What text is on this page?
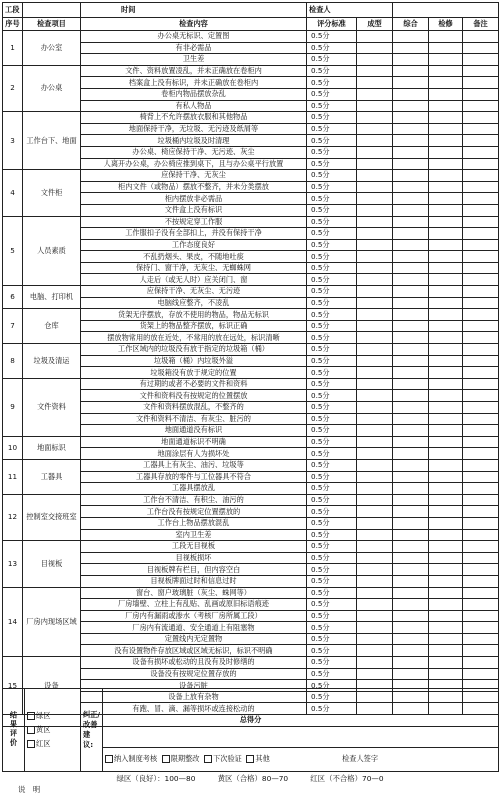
工段		时间	检查人				
序号	检查项目	检查内容	评分标准	成型	综合	检修	备注
1	办公室	办公桌无标识、定置图	0.5分				
		有非必需品	0.5分				
		卫生差	0.5分				
2	办公桌	文件、资料放置凌乱，并未正确放在卷柜内	0.5分				
		档案盒上没有标识，并未正确放在卷柜内	0.5分				
		卷柜内物品摆放杂乱	0.5分				
		有私人物品	0.5分				
3	工作台下、地面	椅背上不允许摆放衣服和其他物品	0.5分				
		地面保持干净，无垃圾、无污迹及纸屑等	0.5分				
		垃圾桶内垃圾及时清理	0.5分				
		办公桌、椅应保持干净、无污迹、灰尘	0.5分				
		人离开办公桌，办公椅应推到桌下，且与办公桌平行放置	0.5分				
4	文件柜	应保持干净、无灰尘	0.5分				
		柜内文件（或物品）摆放不整齐，并未分类摆放	0.5分				
		柜内摆放非必需品	0.5分				
		文件盒上没有标识	0.5分				
5	人员素质	不按规定穿工作服	0.5分				
		工作服扣子没有全部扣上，并没有保持干净	0.5分				
		工作态度良好	0.5分				
		不乱扔烟头、果皮，不随地吐痰	0.5分				
		保持门、窗干净，无灰尘、无蜘蛛网	0.5分				
		人走后（或无人时）应关闭门、窗	0.5分				
6	电脑、打印机	应保持干净、无灰尘、无污迹	0.5分				
		电脑线应整齐，不凌乱	0.5分				
7	仓库	货架无序摆放，存放不使用的物品，物品无标识	0.5分				
		货架上的物品整齐摆放，标识正确	0.5分				
		摆放物常用的放在近处，不常用的放在远处，标识清晰	0.5分				
8	垃圾及清运	工作区域内的垃圾没有放于指定的垃圾箱（桶）	0.5分				
		垃圾箱（桶）内垃圾外溢	0.5分				
		垃圾箱没有放于规定的位置	0.5分				
9	文件资料	有过期的或者不必要的文件和资料	0.5分				
		文件和资料没有按规定的位置摆放	0.5分				
		文件和资料摆放混乱，不整齐的	0.5分				
		文件和资料不清洁、有灰尘、脏污的	0.5分				
		地面通道没有标识	0.5分				
10	地面标识	地面通道标识不明确	0.5分				
		地面涂层有人为损坏处	0.5分				
11	工器具	工器具上有灰尘、油污、垃圾等	0.5分				
		工器具存放的零件与工位器具不符合	0.5分				
		工器具摆放乱	0.5分				
12	控制室交接班室	工作台不清洁、有积尘、油污的	0.5分				
		工作台没有按规定位置摆放的	0.5分				
		工作台上物品摆放混乱	0.5分				
		室内卫生差	0.5分				
13	目视板	工段无目视板	0.5分				
		目视板损坏	0.5分				
		目视板牌有栏目，但内容空白	0.5分				
		目视板牌面过时和信息过时	0.5分				
14	厂房内现场区域	窗台、窗户玻璃脏（灰尘、蛛网等）	0.5分				
		厂房墙壁、立柱上有乱贴、乱画或原旧标语痕迹	0.5分				
		厂房内有漏雨或渗水（考核厂房所属工段）	0.5分				
		厂房内有流通道、安全通道上有阻塞物	0.5分				
		定置线内无定置物	0.5分				
		没有设置物件存放区域或区域无标识，标识不明确	0.5分				
15	设备	设备有损坏或松动的且没有及时修缮的	0.5分				
		设备没有按规定位置存放的	0.5分				
		设备污脏	0.5分				
		设备上放有杂物	0.5分				
		有跑、冒、滴、漏等损坏或连接松动的	0.5分				
总得分							
结果评价	绿区
黄区
红区
	纠正/改善建议:	
纳入制度考核 限期整改 下次验证 其他	检查人签字
绿区（良好）：100—80　　　黄区（合格）80—70　　　红区（不合格）70—0
说　明
